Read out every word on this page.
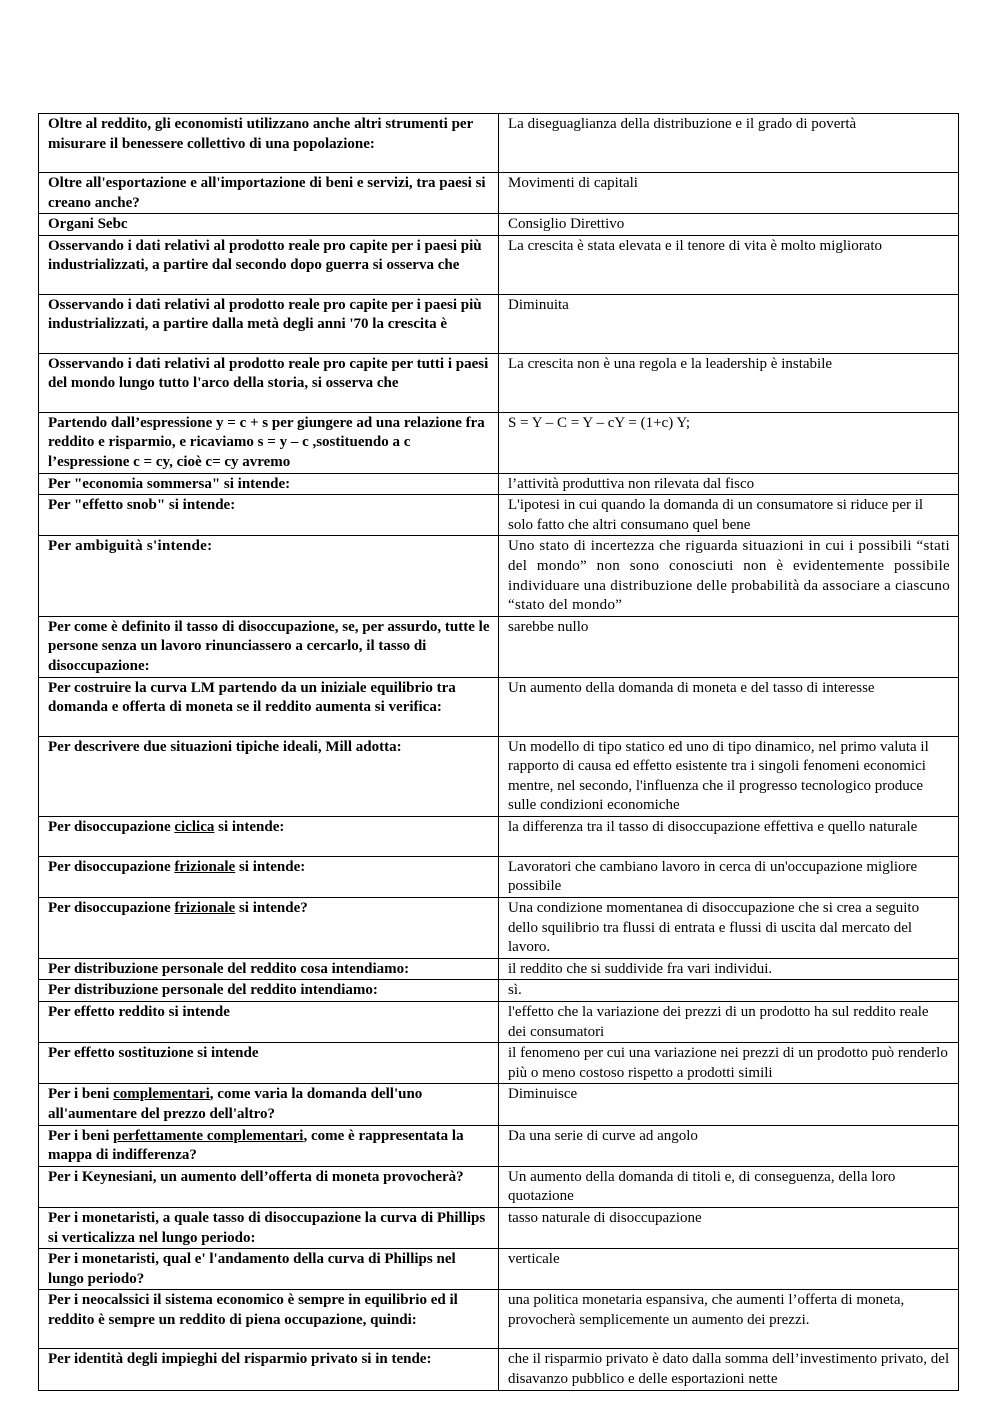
Oltre al reddito, gli economisti utilizzano anche altri strumenti per misurare il benessere collettivo di una popolazione:	La diseguaglianza della distribuzione e il grado di povertà
Oltre all'esportazione e all'importazione di beni e servizi, tra paesi si creano anche?	Movimenti di capitali
Organi Sebc	Consiglio Direttivo
Osservando i dati relativi al prodotto reale pro capite per i paesi più industrializzati, a partire dal secondo dopo guerra si osserva che	La crescita è stata elevata e il tenore di vita è molto migliorato
Osservando i dati relativi al prodotto reale pro capite per i paesi più industrializzati, a partire dalla metà degli anni '70 la crescita è	Diminuita
Osservando i dati relativi al prodotto reale pro capite per tutti i paesi del mondo lungo tutto l'arco della storia, si osserva che	La crescita non è una regola e la leadership è instabile
Partendo dall’espressione y = c + s per giungere ad una relazione fra reddito e risparmio, e ricaviamo s = y – c ,sostituendo a c l’espressione c = cy, cioè c= cy avremo	S = Y – C = Y – cY = (1+c) Y;
Per "economia sommersa" si intende:	l’attività produttiva non rilevata dal fisco
Per "effetto snob" si intende:	L'ipotesi in cui quando la domanda di un consumatore si riduce per il solo fatto che altri consumano quel bene
Per ambiguità s'intende:	Uno stato di incertezza che riguarda situazioni in cui i possibili “stati del mondo” non sono conosciuti non è evidentemente possibile individuare una distribuzione delle probabilità da associare a ciascuno “stato del mondo”
Per come è definito il tasso di disoccupazione, se, per assurdo, tutte le persone senza un lavoro rinunciassero a cercarlo, il tasso di disoccupazione:	sarebbe nullo
Per costruire la curva LM partendo da un iniziale equilibrio tra domanda e offerta di moneta se il reddito aumenta si verifica:	Un aumento della domanda di moneta e del tasso di interesse
Per descrivere due situazioni tipiche ideali, Mill adotta:	Un modello di tipo statico ed uno di tipo dinamico, nel primo valuta il rapporto di causa ed effetto esistente tra i singoli fenomeni economici mentre, nel secondo, l'influenza che il progresso tecnologico produce sulle condizioni economiche
Per disoccupazione ciclica si intende:	la differenza tra il tasso di disoccupazione effettiva e quello naturale
Per disoccupazione frizionale si intende:	Lavoratori che cambiano lavoro in cerca di un'occupazione migliore possibile
Per disoccupazione frizionale si intende?	Una condizione momentanea di disoccupazione che si crea a seguito dello squilibrio tra flussi di entrata e flussi di uscita dal mercato del lavoro.
Per distribuzione personale del reddito cosa intendiamo:	il reddito che si suddivide fra vari individui.
Per distribuzione personale del reddito intendiamo:	sì.
Per effetto reddito si intende	l'effetto che la variazione dei prezzi di un prodotto ha sul reddito reale dei consumatori
Per effetto sostituzione si intende	il fenomeno per cui una variazione nei prezzi di un prodotto può renderlo più o meno costoso rispetto a prodotti simili
Per i beni complementari, come varia la domanda dell'uno all'aumentare del prezzo dell'altro?	Diminuisce
Per i beni perfettamente complementari, come è rappresentata la mappa di indifferenza?	Da una serie di curve ad angolo
Per i Keynesiani, un aumento dell’offerta di moneta provocherà?	Un aumento della domanda di titoli e, di conseguenza, della loro quotazione
Per i monetaristi, a quale tasso di disoccupazione la curva di Phillips si verticalizza nel lungo periodo:	tasso naturale di disoccupazione
Per i monetaristi, qual e' l'andamento della curva di Phillips nel lungo periodo?	verticale
Per i neocalssici il sistema economico è sempre in equilibrio ed il reddito è sempre un reddito di piena occupazione, quindi:	una politica monetaria espansiva, che aumenti l’offerta di moneta, provocherà semplicemente un aumento dei prezzi.
Per identità degli impieghi del risparmio privato si in tende:	che il risparmio privato è dato dalla somma dell’investimento privato, del disavanzo pubblico e delle esportazioni nette
